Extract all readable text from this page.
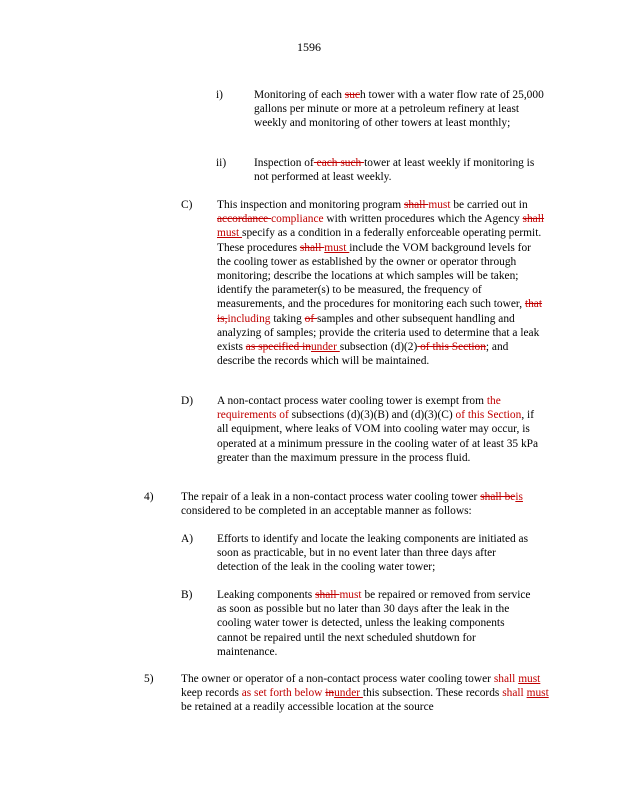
1596
i)	Monitoring of each such tower with a water flow rate of 25,000 gallons per minute or more at a petroleum refinery at least weekly and monitoring of other towers at least monthly;
ii) Inspection of each such tower at least weekly if monitoring is not performed at least weekly.
C) This inspection and monitoring program shall must be carried out in accordance compliance with written procedures which the Agency shall must specify as a condition in a federally enforceable operating permit. These procedures shall must include the VOM background levels for the cooling tower as established by the owner or operator through monitoring; describe the locations at which samples will be taken; identify the parameter(s) to be measured, the frequency of measurements, and the procedures for monitoring each such tower, that is,including taking of samples and other subsequent handling and analyzing of samples; provide the criteria used to determine that a leak exists as specified inunder subsection (d)(2) of this Section; and describe the records which will be maintained.
D) A non-contact process water cooling tower is exempt from the requirements of subsections (d)(3)(B) and (d)(3)(C) of this Section, if all equipment, where leaks of VOM into cooling water may occur, is operated at a minimum pressure in the cooling water of at least 35 kPa greater than the maximum pressure in the process fluid.
4) The repair of a leak in a non-contact process water cooling tower shall beis considered to be completed in an acceptable manner as follows:
A) Efforts to identify and locate the leaking components are initiated as soon as practicable, but in no event later than three days after detection of the leak in the cooling water tower;
B) Leaking components shall must be repaired or removed from service as soon as possible but no later than 30 days after the leak in the cooling water tower is detected, unless the leaking components cannot be repaired until the next scheduled shutdown for maintenance.
5) The owner or operator of a non-contact process water cooling tower shall must keep records as set forth below inunder this subsection. These records shall must be retained at a readily accessible location at the source
